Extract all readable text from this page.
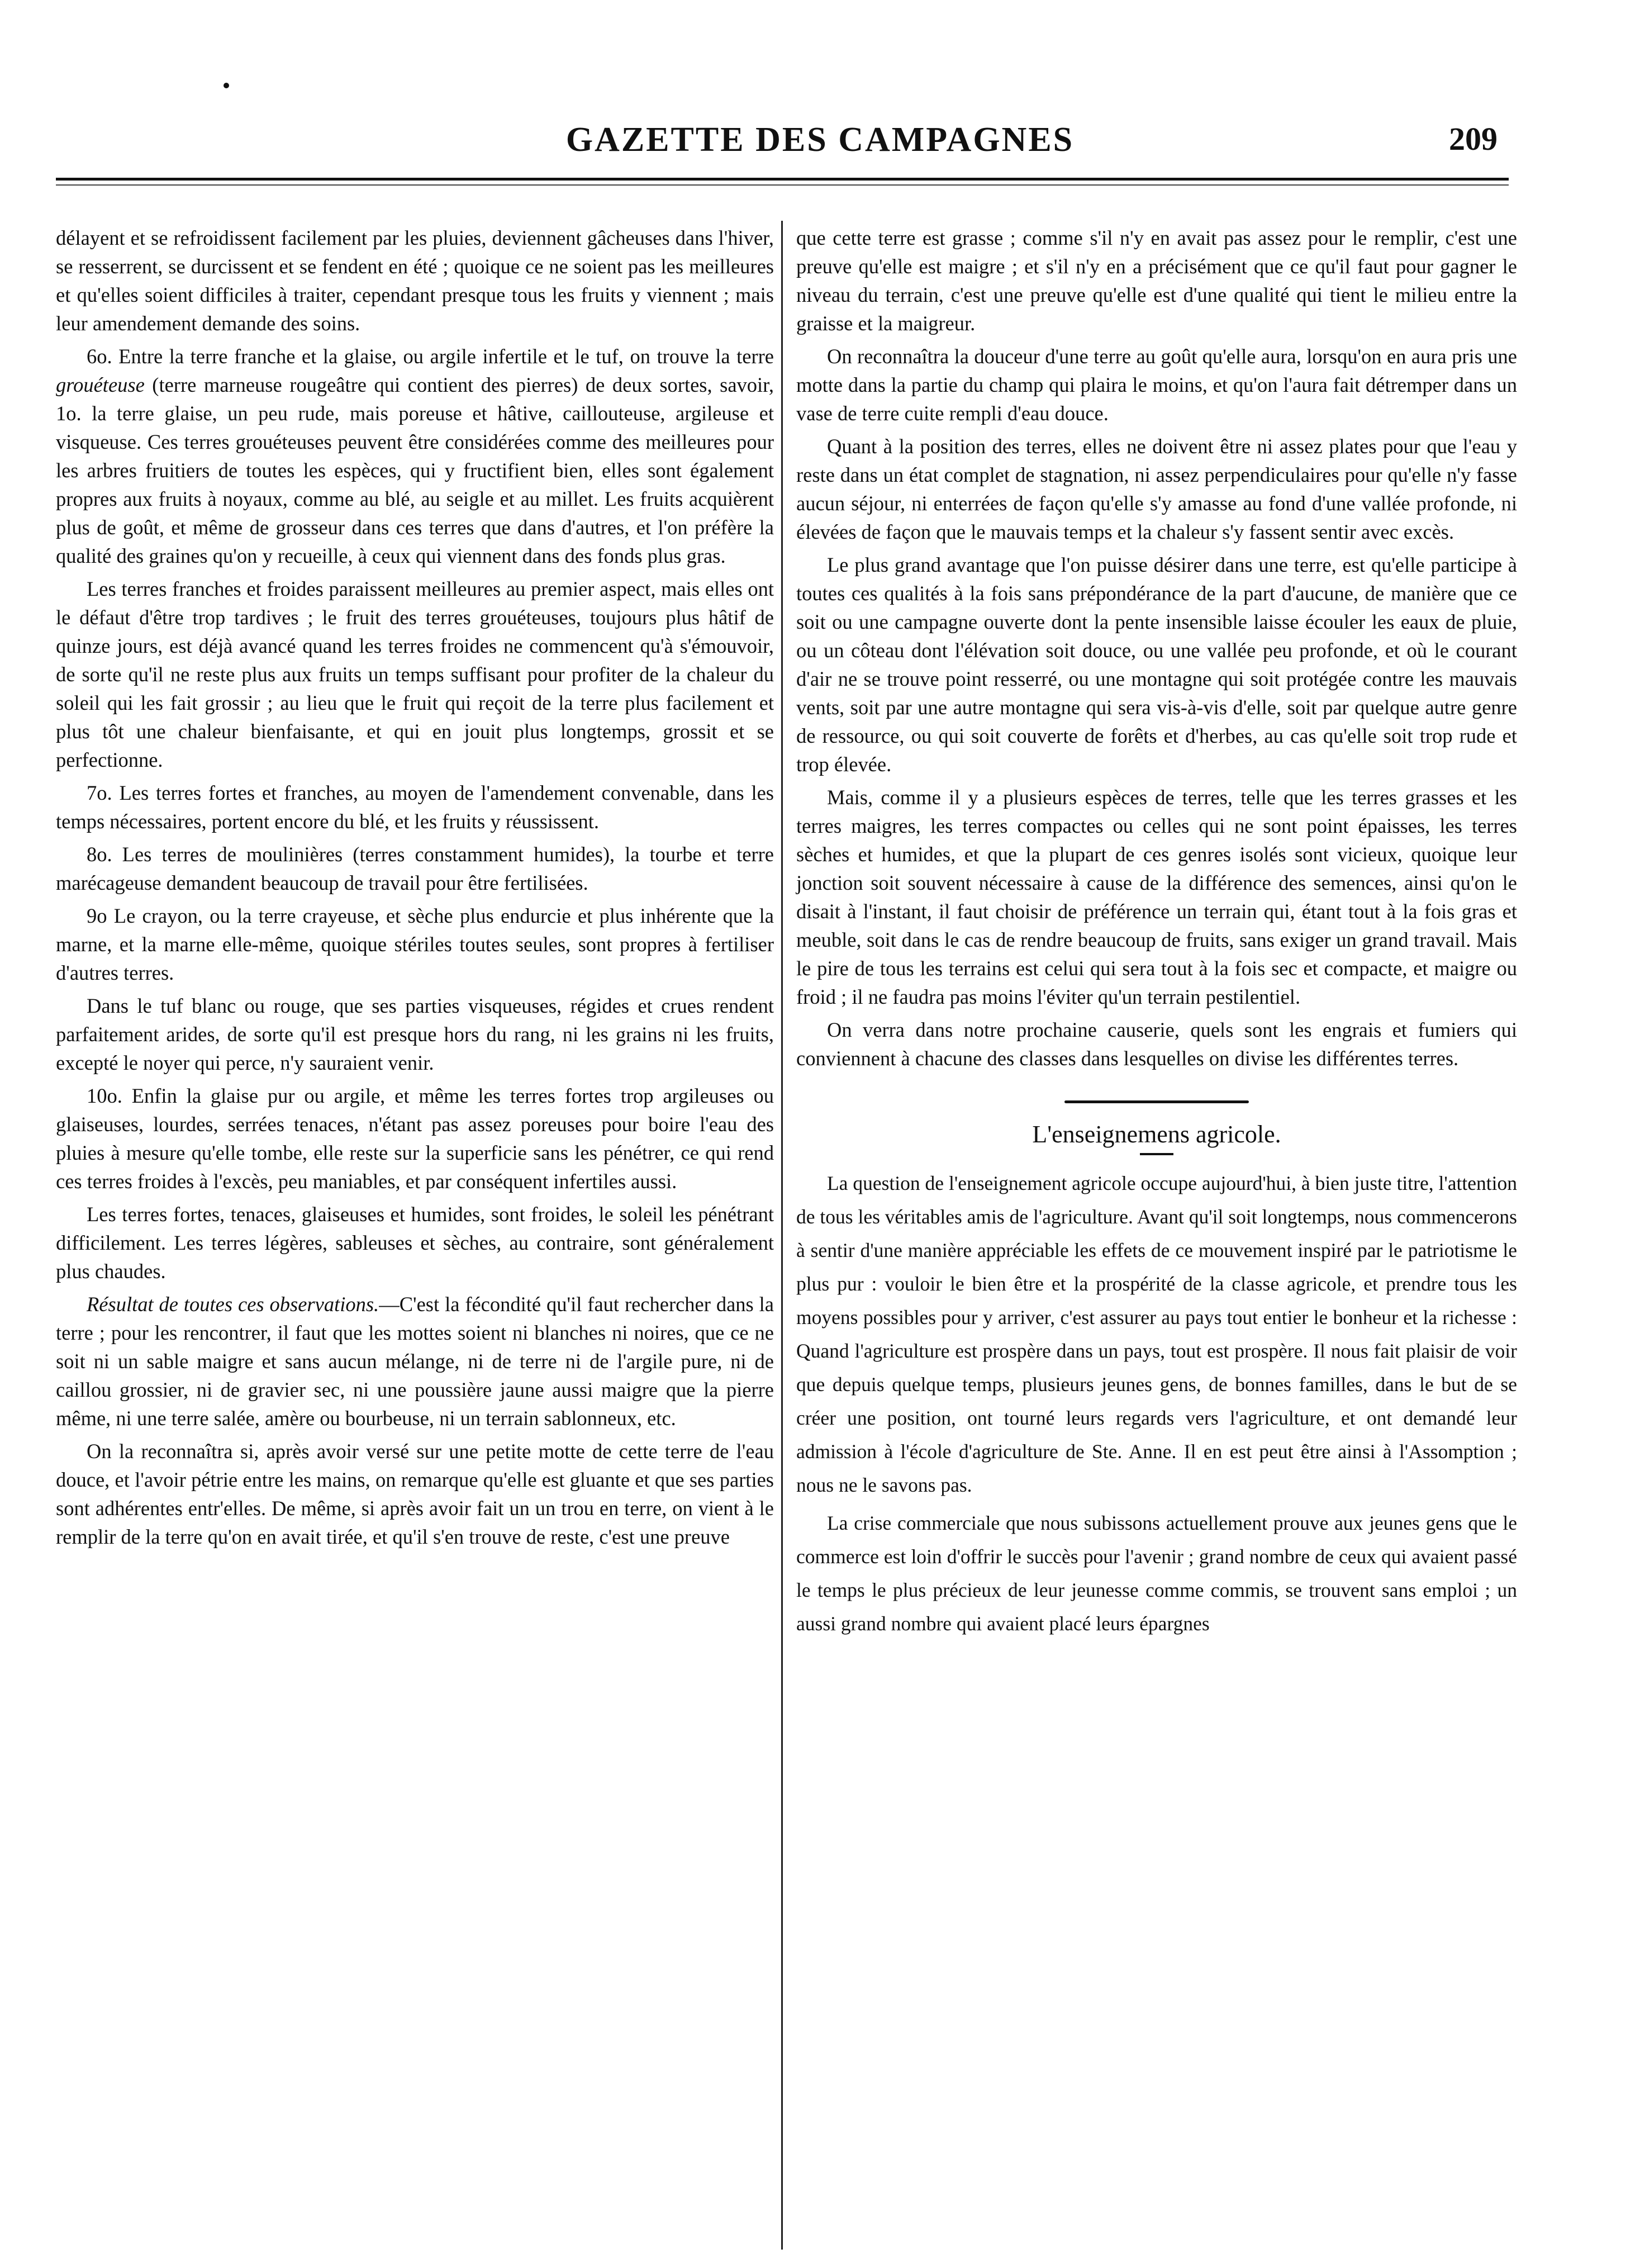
GAZETTE DES CAMPAGNES	209

délayent et se refroidissent facilement par les pluies, deviennent gâcheuses dans l'hiver, se resserrent, se durcissent et se fendent en été ; quoique ce ne soient pas les meilleures et qu'elles soient difficiles à traiter, cependant presque tous les fruits y viennent ; mais leur amendement demande des soins.

6o. Entre la terre franche et la glaise, ou argile infertile et le tuf, on trouve la terre grouéteuse (terre marneuse rougeâtre qui contient des pierres) de deux sortes, savoir, 1o. la terre glaise, un peu rude, mais poreuse et hâtive, caillouteuse, argileuse et visqueuse. Ces terres grouéteuses peuvent être considérées comme des meilleures pour les arbres fruitiers de toutes les espèces, qui y fructifient bien, elles sont également propres aux fruits à noyaux, comme au blé, au seigle et au millet. Les fruits acquièrent plus de goût, et même de grosseur dans ces terres que dans d'autres, et l'on préfère la qualité des graines qu'on y recueille, à ceux qui viennent dans des fonds plus gras.

Les terres franches et froides paraissent meilleures au premier aspect, mais elles ont le défaut d'être trop tardives ; le fruit des terres grouéteuses, toujours plus hâtif de quinze jours, est déjà avancé quand les terres froides ne commencent qu'à s'émouvoir, de sorte qu'il ne reste plus aux fruits un temps suffisant pour profiter de la chaleur du soleil qui les fait grossir ; au lieu que le fruit qui reçoit de la terre plus facilement et plus tôt une chaleur bienfaisante, et qui en jouit plus longtemps, grossit et se perfectionne.

7o. Les terres fortes et franches, au moyen de l'amendement convenable, dans les temps nécessaires, portent encore du blé, et les fruits y réussissent.

8o. Les terres de moulinières (terres constamment humides), la tourbe et terre marécageuse demandent beaucoup de travail pour être fertilisées.

9o Le crayon, ou la terre crayeuse, et sèche plus endurcie et plus inhérente que la marne, et la marne elle-même, quoique stériles toutes seules, sont propres à fertiliser d'autres terres.

Dans le tuf blanc ou rouge, que ses parties visqueuses, régides et crues rendent parfaitement arides, de sorte qu'il est presque hors du rang, ni les grains ni les fruits, excepté le noyer qui perce, n'y sauraient venir.

10o. Enfin la glaise pur ou argile, et même les terres fortes trop argileuses ou glaiseuses, lourdes, serrées tenaces, n'étant pas assez poreuses pour boire l'eau des pluies à mesure qu'elle tombe, elle reste sur la superficie sans les pénétrer, ce qui rend ces terres froides à l'excès, peu maniables, et par conséquent infertiles aussi.

Les terres fortes, tenaces, glaiseuses et humides, sont froides, le soleil les pénétrant difficilement. Les terres légères, sableuses et sèches, au contraire, sont généralement plus chaudes.

Résultat de toutes ces observations.—C'est la fécondité qu'il faut rechercher dans la terre ; pour les rencontrer, il faut que les mottes soient ni blanches ni noires, que ce ne soit ni un sable maigre et sans aucun mélange, ni de terre ni de l'argile pure, ni de caillou grossier, ni de gravier sec, ni une poussière jaune aussi maigre que la pierre même, ni une terre salée, amère ou bourbeuse, ni un terrain sablonneux, etc.

On la reconnaîtra si, après avoir versé sur une petite motte de cette terre de l'eau douce, et l'avoir pétrie entre les mains, on remarque qu'elle est gluante et que ses parties sont adhérentes entr'elles. De même, si après avoir fait un un trou en terre, on vient à le remplir de la terre qu'on en avait tirée, et qu'il s'en trouve de reste, c'est une preuve

que cette terre est grasse ; comme s'il n'y en avait pas assez pour le remplir, c'est une preuve qu'elle est maigre ; et s'il n'y en a précisément que ce qu'il faut pour gagner le niveau du terrain, c'est une preuve qu'elle est d'une qualité qui tient le milieu entre la graisse et la maigreur.

On reconnaîtra la douceur d'une terre au goût qu'elle aura, lorsqu'on en aura pris une motte dans la partie du champ qui plaira le moins, et qu'on l'aura fait détremper dans un vase de terre cuite rempli d'eau douce.

Quant à la position des terres, elles ne doivent être ni assez plates pour que l'eau y reste dans un état complet de stagnation, ni assez perpendiculaires pour qu'elle n'y fasse aucun séjour, ni enterrées de façon qu'elle s'y amasse au fond d'une vallée profonde, ni élevées de façon que le mauvais temps et la chaleur s'y fassent sentir avec excès.

Le plus grand avantage que l'on puisse désirer dans une terre, est qu'elle participe à toutes ces qualités à la fois sans prépondérance de la part d'aucune, de manière que ce soit ou une campagne ouverte dont la pente insensible laisse écouler les eaux de pluie, ou un côteau dont l'élévation soit douce, ou une vallée peu profonde, et où le courant d'air ne se trouve point resserré, ou une montagne qui soit protégée contre les mauvais vents, soit par une autre montagne qui sera vis-à-vis d'elle, soit par quelque autre genre de ressource, ou qui soit couverte de forêts et d'herbes, au cas qu'elle soit trop rude et trop élevée.

Mais, comme il y a plusieurs espèces de terres, telle que les terres grasses et les terres maigres, les terres compactes ou celles qui ne sont point épaisses, les terres sèches et humides, et que la plupart de ces genres isolés sont vicieux, quoique leur jonction soit souvent nécessaire à cause de la différence des semences, ainsi qu'on le disait à l'instant, il faut choisir de préférence un terrain qui, étant tout à la fois gras et meuble, soit dans le cas de rendre beaucoup de fruits, sans exiger un grand travail. Mais le pire de tous les terrains est celui qui sera tout à la fois sec et compacte, et maigre ou froid ; il ne faudra pas moins l'éviter qu'un terrain pestilentiel.

On verra dans notre prochaine causerie, quels sont les engrais et fumiers qui conviennent à chacune des classes dans lesquelles on divise les différentes terres.

L'enseignemens agricole.

La question de l'enseignement agricole occupe aujourd'hui, à bien juste titre, l'attention de tous les véritables amis de l'agriculture. Avant qu'il soit longtemps, nous commencerons à sentir d'une manière appréciable les effets de ce mouvement inspiré par le patriotisme le plus pur : vouloir le bien être et la prospérité de la classe agricole, et prendre tous les moyens possibles pour y arriver, c'est assurer au pays tout entier le bonheur et la richesse : Quand l'agriculture est prospère dans un pays, tout est prospère. Il nous fait plaisir de voir que depuis quelque temps, plusieurs jeunes gens, de bonnes familles, dans le but de se créer une position, ont tourné leurs regards vers l'agriculture, et ont demandé leur admission à l'école d'agriculture de Ste. Anne. Il en est peut être ainsi à l'Assomption ; nous ne le savons pas.

La crise commerciale que nous subissons actuellement prouve aux jeunes gens que le commerce est loin d'offrir le succès pour l'avenir ; grand nombre de ceux qui avaient passé le temps le plus précieux de leur jeunesse comme commis, se trouvent sans emploi ; un aussi grand nombre qui avaient placé leurs épargnes
